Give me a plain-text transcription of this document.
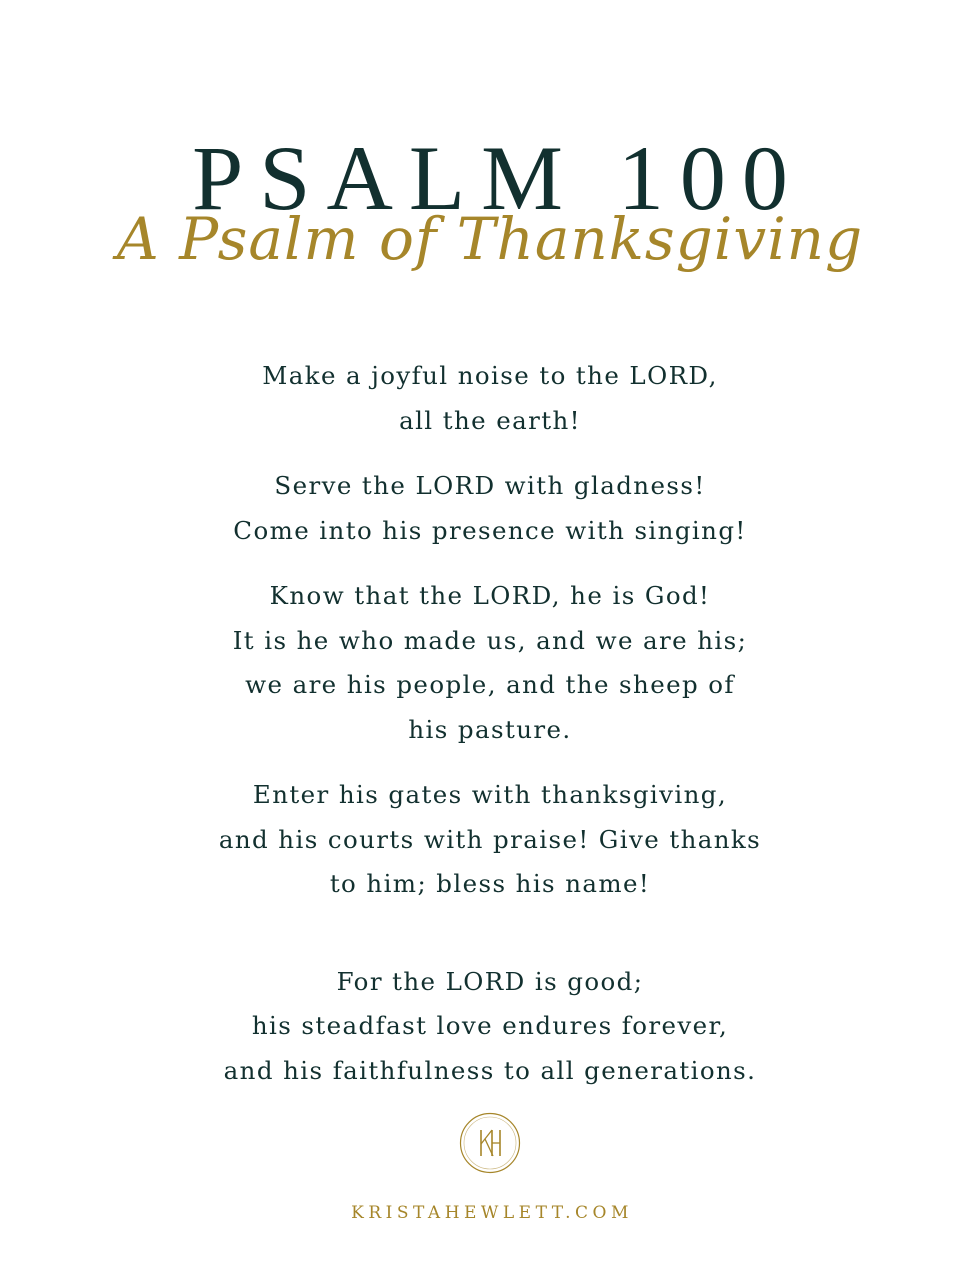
PSALM 100
A Psalm of Thanksgiving
Make a joyful noise to the LORD,
all the earth!
Serve the LORD with gladness!
Come into his presence with singing!
Know that the LORD, he is God!
It is he who made us, and we are his;
we are his people, and the sheep of
his pasture.
Enter his gates with thanksgiving,
and his courts with praise! Give thanks
to him; bless his name!
For the LORD is good;
his steadfast love endures forever,
and his faithfulness to all generations.
KRISTAHEWLETT.COM
